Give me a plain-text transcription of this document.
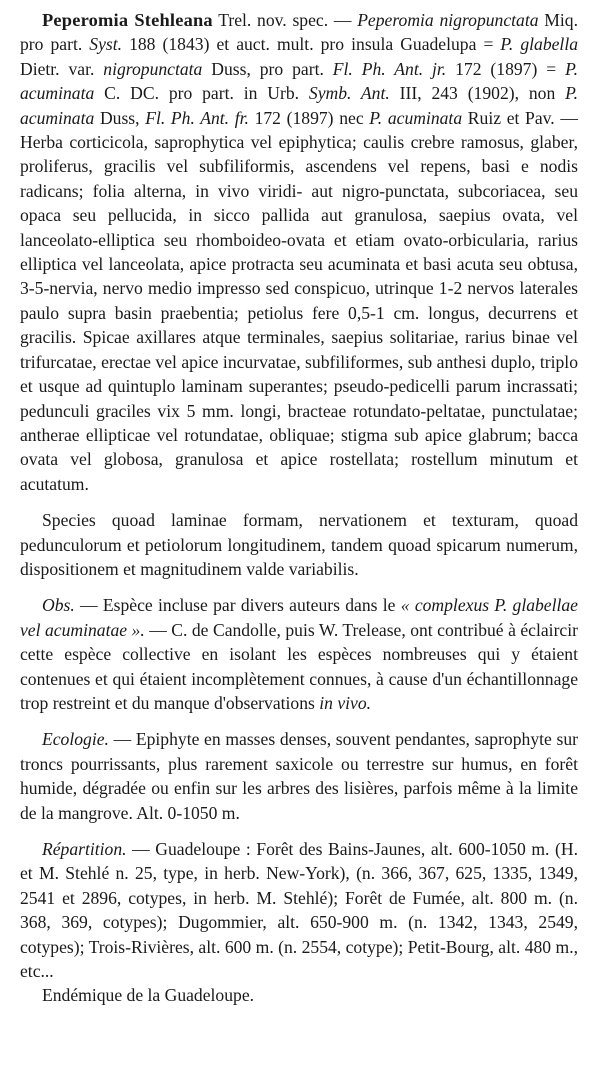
Peperomia Stehleana Trel. nov. spec. — Peperomia nigropunctata Miq. pro part. Syst. 188 (1843) et auct. mult. pro insula Guadelupa = P. glabella Dietr. var. nigropunctata Duss, pro part. Fl. Ph. Ant. jr. 172 (1897) = P. acuminata C. DC. pro part. in Urb. Symb. Ant. III, 243 (1902), non P. acuminata Duss, Fl. Ph. Ant. fr. 172 (1897) nec P. acuminata Ruiz et Pav. — Herba corticicola, saprophytica vel epiphytica; caulis crebre ramosus, glaber, proliferus, gracilis vel subfiliformis, ascendens vel repens, basi e nodis radicans; folia alterna, in vivo viridi- aut nigro-punctata, subcoriacea, seu opaca seu pellucida, in sicco pallida aut granulosa, saepius ovata, vel lanceolato-elliptica seu rhomboideo-ovata et etiam ovato-orbicularia, rarius elliptica vel lanceolata, apice protracta seu acuminata et basi acuta seu obtusa, 3-5-nervia, nervo medio impresso sed conspicuo, utrinque 1-2 nervos laterales paulo supra basin praebentia; petiolus fere 0,5-1 cm. longus, decurrens et gracilis. Spicae axillares atque terminales, saepius solitariae, rarius binae vel trifurcatae, erectae vel apice incurvatae, subfiliformes, sub anthesi duplo, triplo et usque ad quintuplo laminam superantes; pseudo-pedicelli parum incrassati; pedunculi graciles vix 5 mm. longi, bracteae rotundato-peltatae, punctulatae; antherae ellipticae vel rotundatae, obliquae; stigma sub apice glabrum; bacca ovata vel globosa, granulosa et apice rostellata; rostellum minutum et acutatum.

Species quoad laminae formam, nervationem et texturam, quoad pedunculorum et petiolorum longitudinem, tandem quoad spicarum numerum, dispositionem et magnitudinem valde variabilis.

Obs. — Espèce incluse par divers auteurs dans le « complexus P. glabellae vel acuminatae ». — C. de Candolle, puis W. Trelease, ont contribué à éclaircir cette espèce collective en isolant les espèces nombreuses qui y étaient contenues et qui étaient incomplètement connues, à cause d'un échantillonnage trop restreint et du manque d'observations in vivo.

Ecologie. — Epiphyte en masses denses, souvent pendantes, saprophyte sur troncs pourrissants, plus rarement saxicole ou terrestre sur humus, en forêt humide, dégradée ou enfin sur les arbres des lisières, parfois même à la limite de la mangrove. Alt. 0-1050 m.

Répartition. — Guadeloupe : Forêt des Bains-Jaunes, alt. 600-1050 m. (H. et M. Stehlé n. 25, type, in herb. New-York), (n. 366, 367, 625, 1335, 1349, 2541 et 2896, cotypes, in herb. M. Stehlé); Forêt de Fumée, alt. 800 m. (n. 368, 369, cotypes); Dugommier, alt. 650-900 m. (n. 1342, 1343, 2549, cotypes); Trois-Rivières, alt. 600 m. (n. 2554, cotype); Petit-Bourg, alt. 480 m., etc...

Endémique de la Guadeloupe.
